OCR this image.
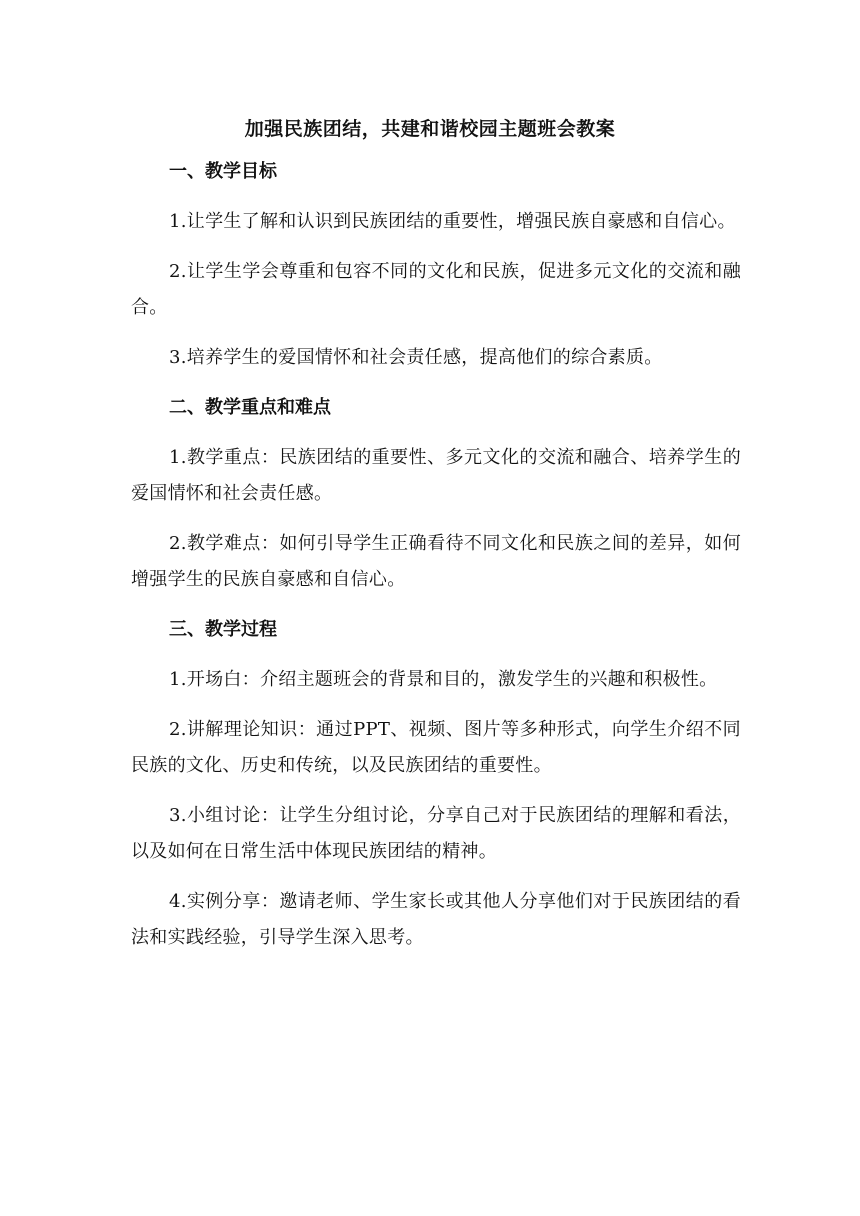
加强民族团结，共建和谐校园主题班会教案

一、教学目标

1.让学生了解和认识到民族团结的重要性，增强民族自豪感和自信心。

2.让学生学会尊重和包容不同的文化和民族，促进多元文化的交流和融合。

3.培养学生的爱国情怀和社会责任感，提高他们的综合素质。

二、教学重点和难点

1.教学重点：民族团结的重要性、多元文化的交流和融合、培养学生的爱国情怀和社会责任感。

2.教学难点：如何引导学生正确看待不同文化和民族之间的差异，如何增强学生的民族自豪感和自信心。

三、教学过程

1.开场白：介绍主题班会的背景和目的，激发学生的兴趣和积极性。

2.讲解理论知识：通过PPT、视频、图片等多种形式，向学生介绍不同民族的文化、历史和传统，以及民族团结的重要性。

3.小组讨论：让学生分组讨论，分享自己对于民族团结的理解和看法，以及如何在日常生活中体现民族团结的精神。

4.实例分享：邀请老师、学生家长或其他人分享他们对于民族团结的看法和实践经验，引导学生深入思考。
